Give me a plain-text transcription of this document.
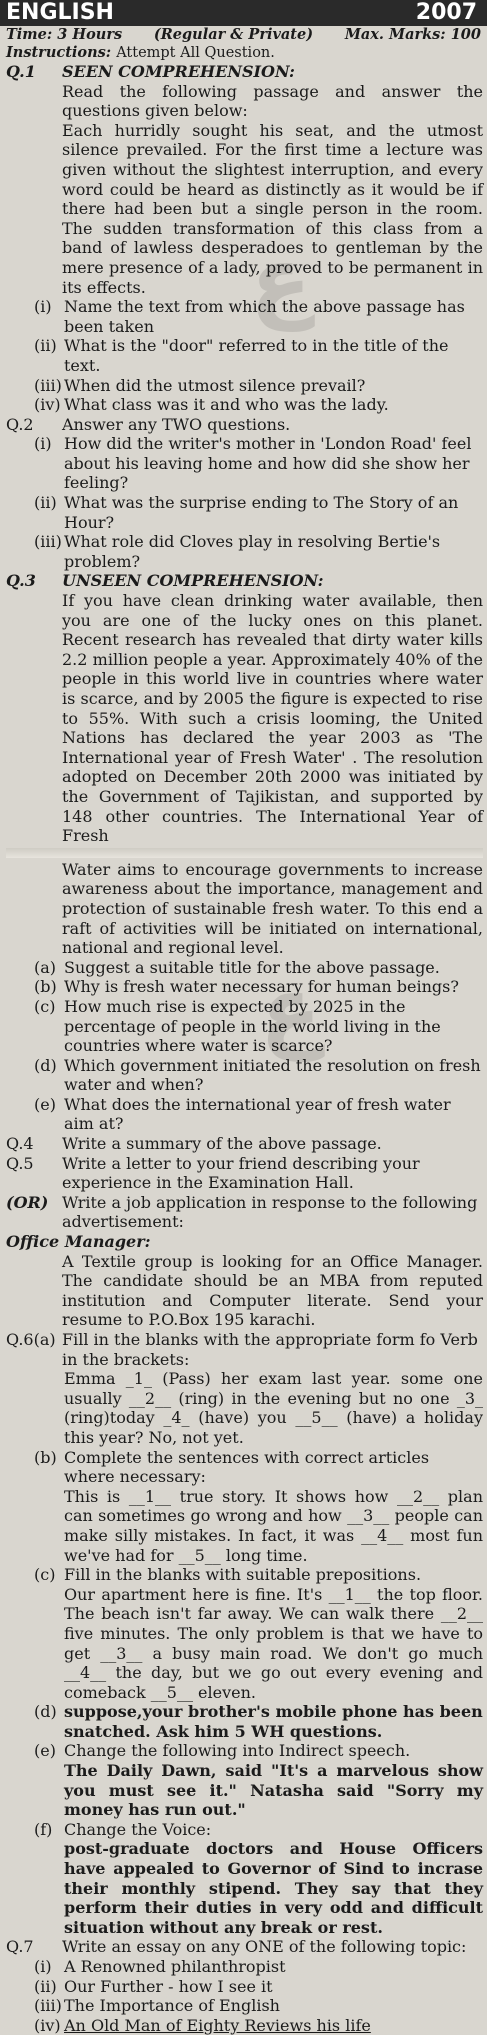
ع
ع
ENGLISH	2007
Time: 3 Hours (Regular & Private) Max. Marks: 100
Instructions: Attempt All Question.
Q.1	SEEN COMPREHENSION:
Read the following passage and answer the questions given below:
Each hurridly sought his seat, and the utmost silence prevailed. For the first time a lecture was given without the slightest interruption, and every word could be heard as distinctly as it would be if there had been but a single person in the room. The sudden transformation of this class from a band of lawless desperadoes to gentleman by the mere presence of a lady, proved to be permanent in its effects.
(i) Name the text from which the above passage has been taken
(ii) What is the "door" referred to in the title of the text.
(iii) When did the utmost silence prevail?
(iv) What class was it and who was the lady.
Q.2	Answer any TWO questions.
(i) How did the writer's mother in 'London Road' feel about his leaving home and how did she show her feeling?
(ii) What was the surprise ending to The Story of an Hour?
(iii) What role did Cloves play in resolving Bertie's problem?
Q.3	UNSEEN COMPREHENSION:
If you have clean drinking water available, then you are one of the lucky ones on this planet. Recent research has revealed that dirty water kills 2.2 million people a year. Approximately 40% of the people in this world live in countries where water is scarce, and by 2005 the figure is expected to rise to 55%. With such a crisis looming, the United Nations has declared the year 2003 as 'The International year of Fresh Water' . The resolution adopted on December 20th 2000 was initiated by the Government of Tajikistan, and supported by 148 other countries. The International Year of Fresh
Water aims to encourage governments to increase awareness about the importance, management and protection of sustainable fresh water. To this end a raft of activities will be initiated on international, national and regional level.
(a) Suggest a suitable title for the above passage.
(b) Why is fresh water necessary for human beings?
(c) How much rise is expected by 2025 in the percentage of people in the world living in the countries where water is scarce?
(d) Which government initiated the resolution on fresh water and when?
(e) What does the international year of fresh water aim at?
Q.4	Write a summary of the above passage.
Q.5	Write a letter to your friend describing your experience in the Examination Hall.
(OR) Write a job application in response to the following advertisement:
Office Manager:
A Textile group is looking for an Office Manager. The candidate should be an MBA from reputed institution and Computer literate. Send your resume to P.O.Box 195 karachi.
Q.6(a) Fill in the blanks with the appropriate form fo Verb in the brackets:
Emma _1_ (Pass) her exam last year. some one usually __2__ (ring) in the evening but no one _3_ (ring)today _4_ (have) you __5__ (have) a holiday this year? No, not yet.
(b) Complete the sentences with correct articles where necessary:
This is __1__ true story. It shows how __2__ plan can sometimes go wrong and how __3__ people can make silly mistakes. In fact, it was __4__ most fun we've had for __5__ long time.
(c) Fill in the blanks with suitable prepositions.
Our apartment here is fine. It's __1__ the top floor. The beach isn't far away. We can walk there __2__ five minutes. The only problem is that we have to get __3__ a busy main road. We don't go much __4__ the day, but we go out every evening and comeback __5__ eleven.
(d) suppose,your brother's mobile phone has been snatched. Ask him 5 WH questions.
(e) Change the following into Indirect speech.
The Daily Dawn, said "It's a marvelous show you must see it." Natasha said "Sorry my money has run out."
(f) Change the Voice:
post-graduate doctors and House Officers have appealed to Governor of Sind to incrase their monthly stipend. They say that they perform their duties in very odd and difficult situation without any break or rest.
Q.7	Write an essay on any ONE of the following topic:
(i) A Renowned philanthropist
(ii) Our Further - how I see it
(iii) The Importance of English
(iv) An Old Man of Eighty Reviews his life
